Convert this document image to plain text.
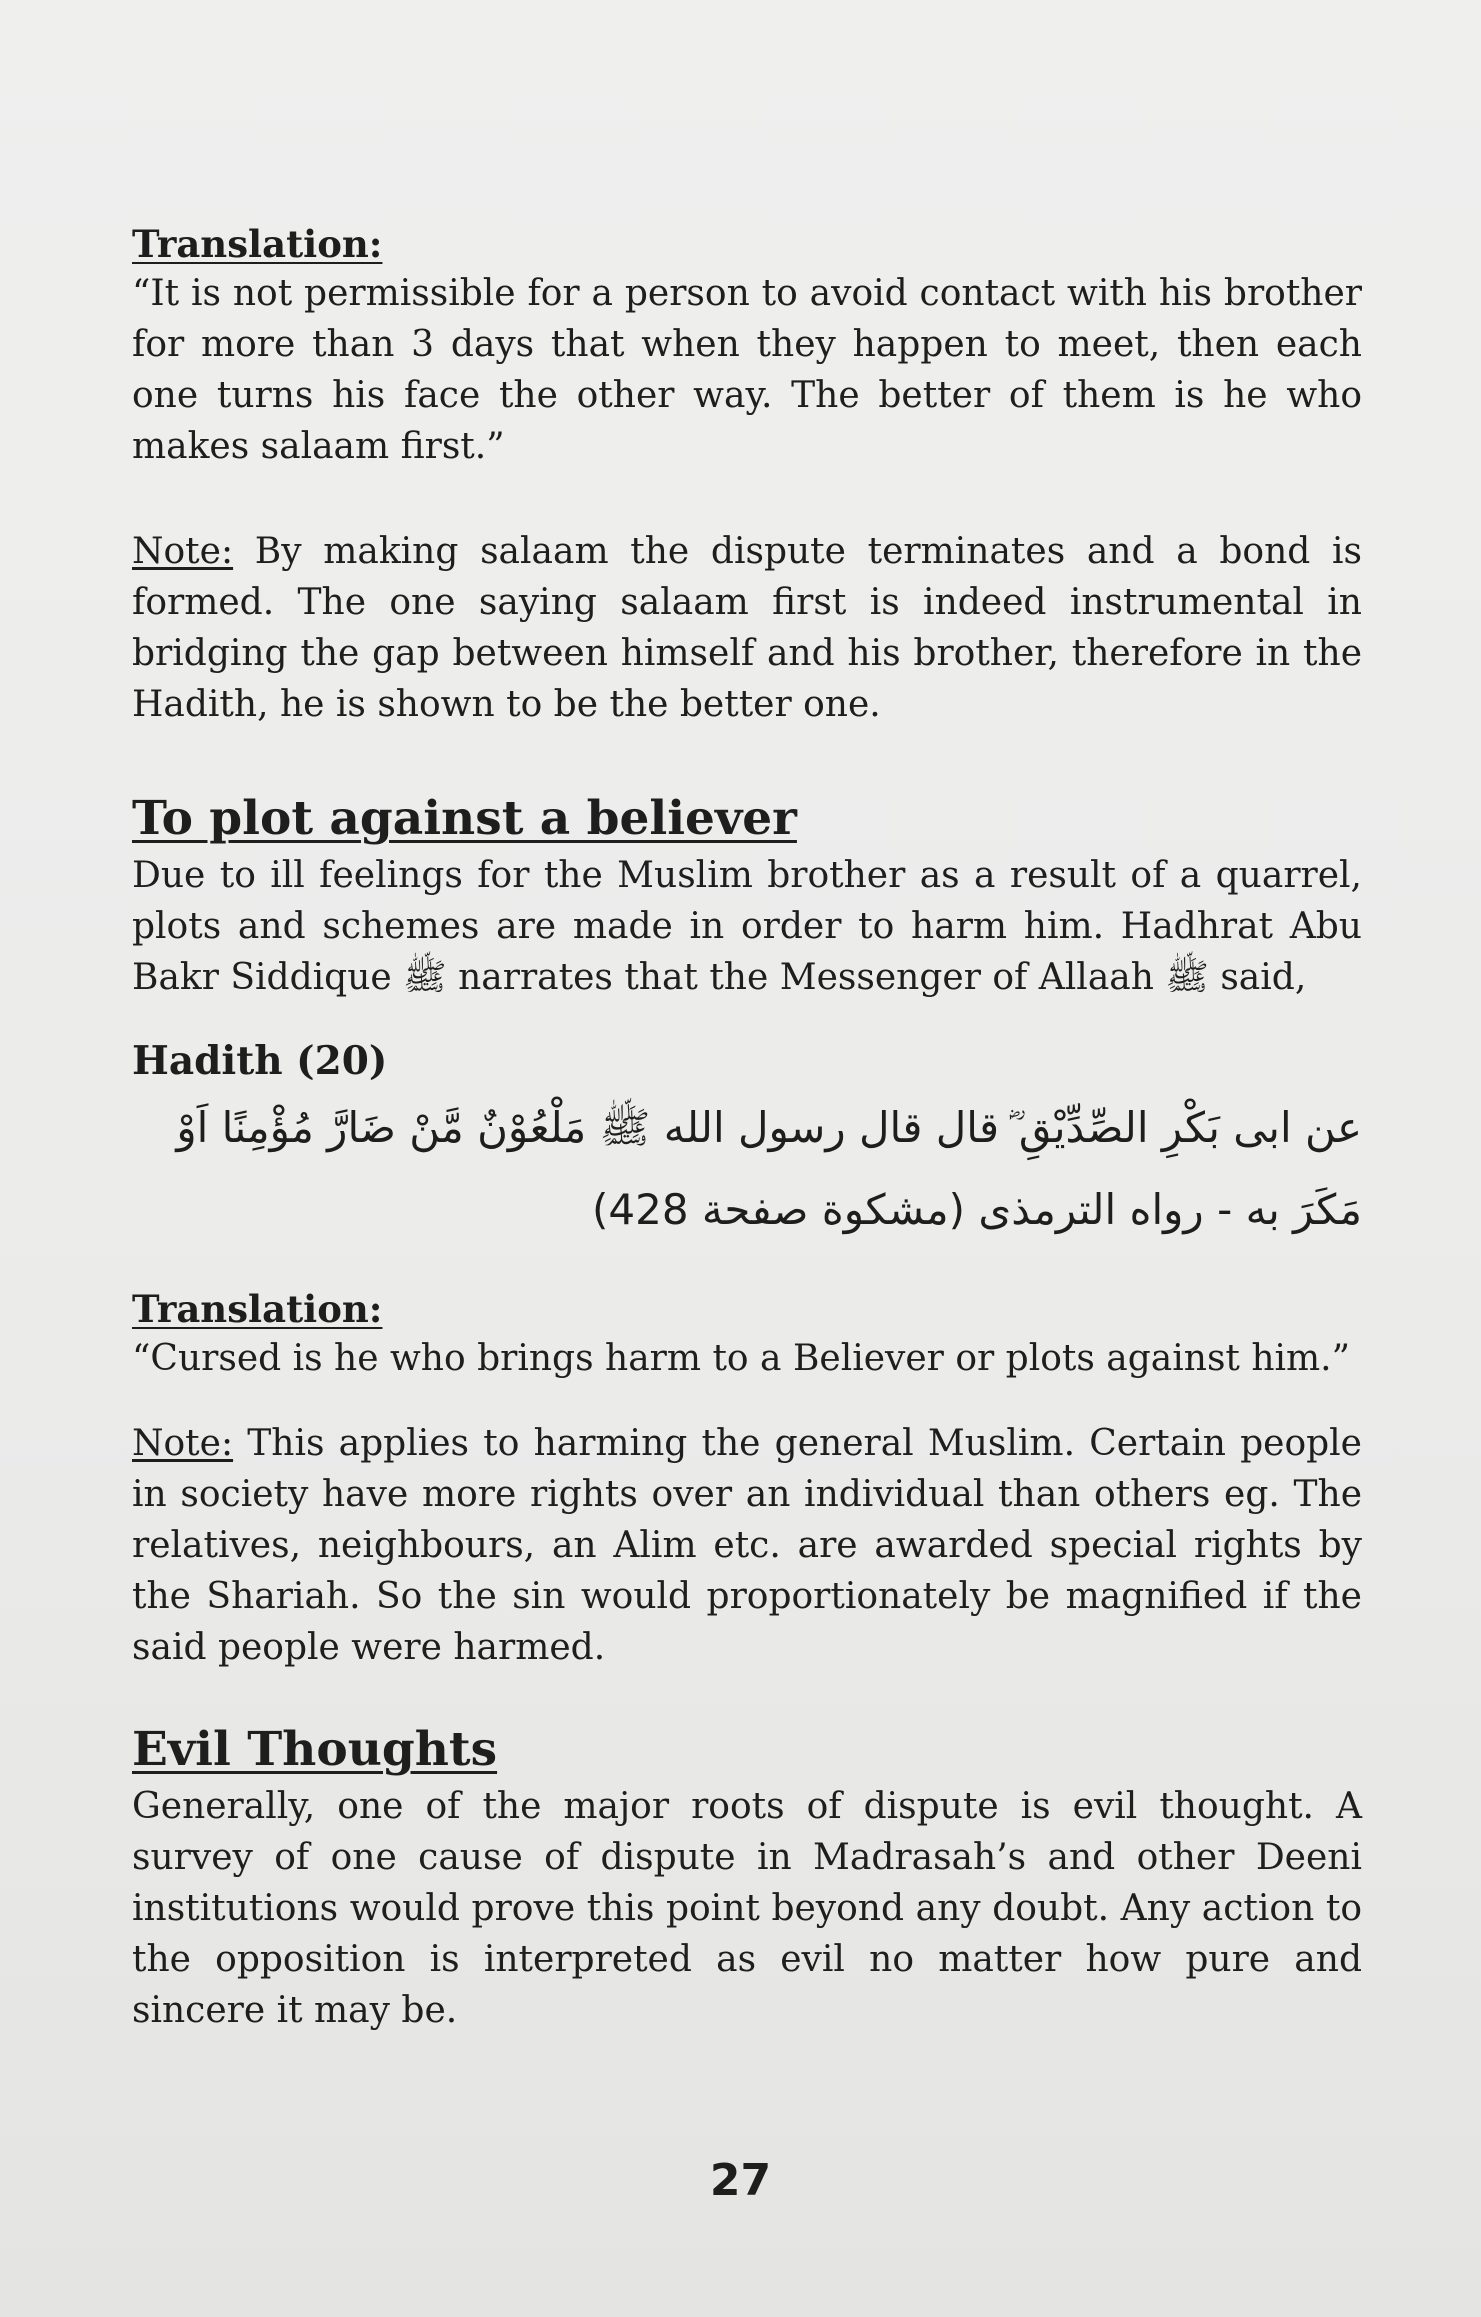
Translation:

“It is not permissible for a person to avoid contact with his brother for more than 3 days that when they happen to meet, then each one turns his face the other way. The better of them is he who makes salaam first.”

Note: By making salaam the dispute terminates and a bond is formed. The one saying salaam first is indeed instrumental in bridging the gap between himself and his brother, therefore in the Hadith, he is shown to be the better one.

To plot against a believer

Due to ill feelings for the Muslim brother as a result of a quarrel, plots and schemes are made in order to harm him. Hadhrat Abu Bakr Siddique ﷺ narrates that the Messenger of Allaah ﷺ said,

Hadith (20)

عن ابى بَكْرِ الصِّدِّيْقِ ؓ قال قال رسول الله ﷺ مَلْعُوْنٌ مَّنْ ضَارَّ مُؤْمِنًا اَوْ

مَكَرَ به - رواه الترمذى (مشكوة صفحة 428)

Translation:

“Cursed is he who brings harm to a Believer or plots against him.”

Note: This applies to harming the general Muslim. Certain people in society have more rights over an individual than others eg. The relatives, neighbours, an Alim etc. are awarded special rights by the Shariah. So the sin would proportionately be magnified if the said people were harmed.

Evil Thoughts

Generally, one of the major roots of dispute is evil thought. A survey of one cause of dispute in Madrasah’s and other Deeni institutions would prove this point beyond any doubt. Any action to the opposition is interpreted as evil no matter how pure and sincere it may be.

27
